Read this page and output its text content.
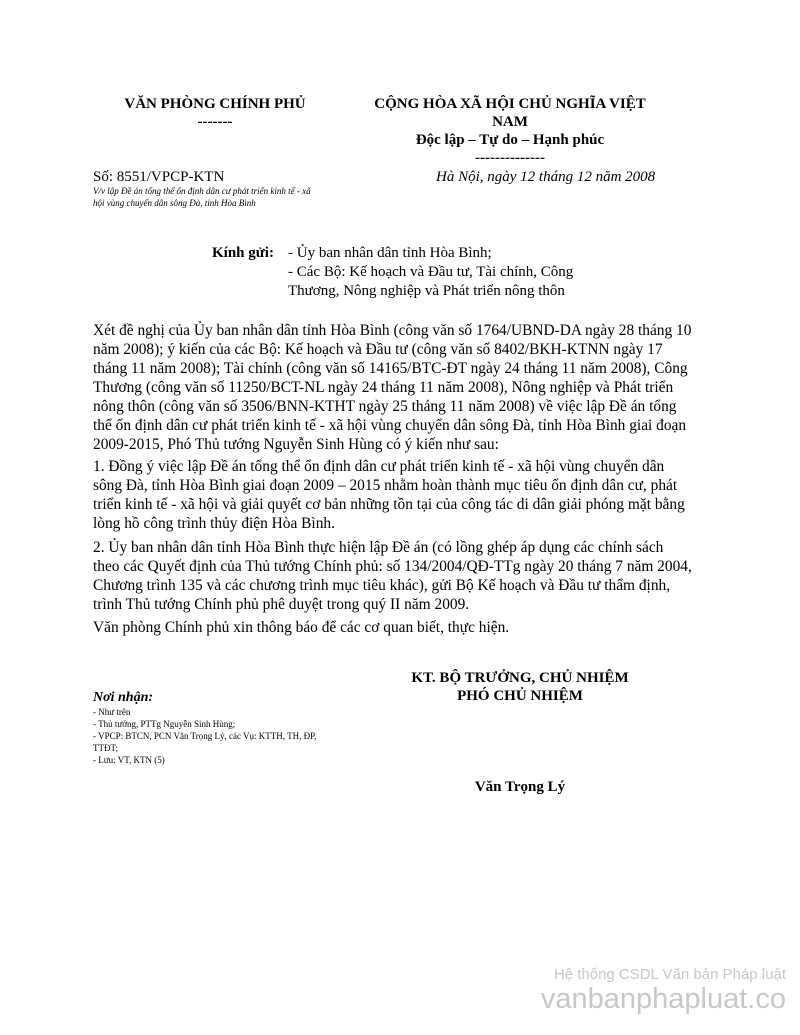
VĂN PHÒNG CHÍNH PHỦ
-------
CỘNG HÒA XÃ HỘI CHỦ NGHĨA VIỆT
NAM
Độc lập – Tự do – Hạnh phúc
--------------
Số: 8551/VPCP-KTN
V/v lập Đề án tổng thể ổn định dân cư phát triển kinh tế - xã
hội vùng chuyển dân sông Đà, tỉnh Hòa Bình
Hà Nội, ngày 12 tháng 12 năm 2008
Kính gửi: - Ủy ban nhân dân tỉnh Hòa Bình;

- Các Bộ: Kế hoạch và Đầu tư, Tài chính, Công

Thương, Nông nghiệp và Phát triển nông thôn

Xét đề nghị của Ủy ban nhân dân tỉnh Hòa Bình (công văn số 1764/UBND-DA ngày 28 tháng 10

năm 2008); ý kiến của các Bộ: Kế hoạch và Đầu tư (công văn số 8402/BKH-KTNN ngày 17

tháng 11 năm 2008); Tài chính (công văn số 14165/BTC-ĐT ngày 24 tháng 11 năm 2008), Công

Thương (công văn số 11250/BCT-NL ngày 24 tháng 11 năm 2008), Nông nghiệp và Phát triển

nông thôn (công văn số 3506/BNN-KTHT ngày 25 tháng 11 năm 2008) về việc lập Đề án tổng

thể ổn định dân cư phát triển kinh tế - xã hội vùng chuyển dân sông Đà, tỉnh Hòa Bình giai đoạn

2009-2015, Phó Thủ tướng Nguyễn Sinh Hùng có ý kiến như sau:

1. Đồng ý việc lập Đề án tổng thể ổn định dân cư phát triển kinh tế - xã hội vùng chuyển dân

sông Đà, tỉnh Hòa Bình giai đoạn 2009 – 2015 nhằm hoàn thành mục tiêu ổn định dân cư, phát

triển kinh tế - xã hội và giải quyết cơ bản những tồn tại của công tác di dân giải phóng mặt bằng

lòng hồ công trình thủy điện Hòa Bình.

2. Ủy ban nhân dân tỉnh Hòa Bình thực hiện lập Đề án (có lồng ghép áp dụng các chính sách

theo các Quyết định của Thủ tướng Chính phủ: số 134/2004/QĐ-TTg ngày 20 tháng 7 năm 2004,

Chương trình 135 và các chương trình mục tiêu khác), gửi Bộ Kế hoạch và Đầu tư thẩm định,

trình Thủ tướng Chính phủ phê duyệt trong quý II năm 2009.

Văn phòng Chính phủ xin thông báo để các cơ quan biết, thực hiện.

KT. BỘ TRƯỞNG, CHỦ NHIỆM
PHÓ CHỦ NHIỆM
Văn Trọng Lý
Nơi nhận:
- Như trên
- Thủ tướng, PTTg Nguyễn Sinh Hùng;
- VPCP: BTCN, PCN Văn Trọng Lý, các Vụ: KTTH, TH, ĐP,
TTĐT;
- Lưu: VT, KTN (5)
Hệ thống CSDL Văn bản Pháp luật
vanbanphapluat.co
